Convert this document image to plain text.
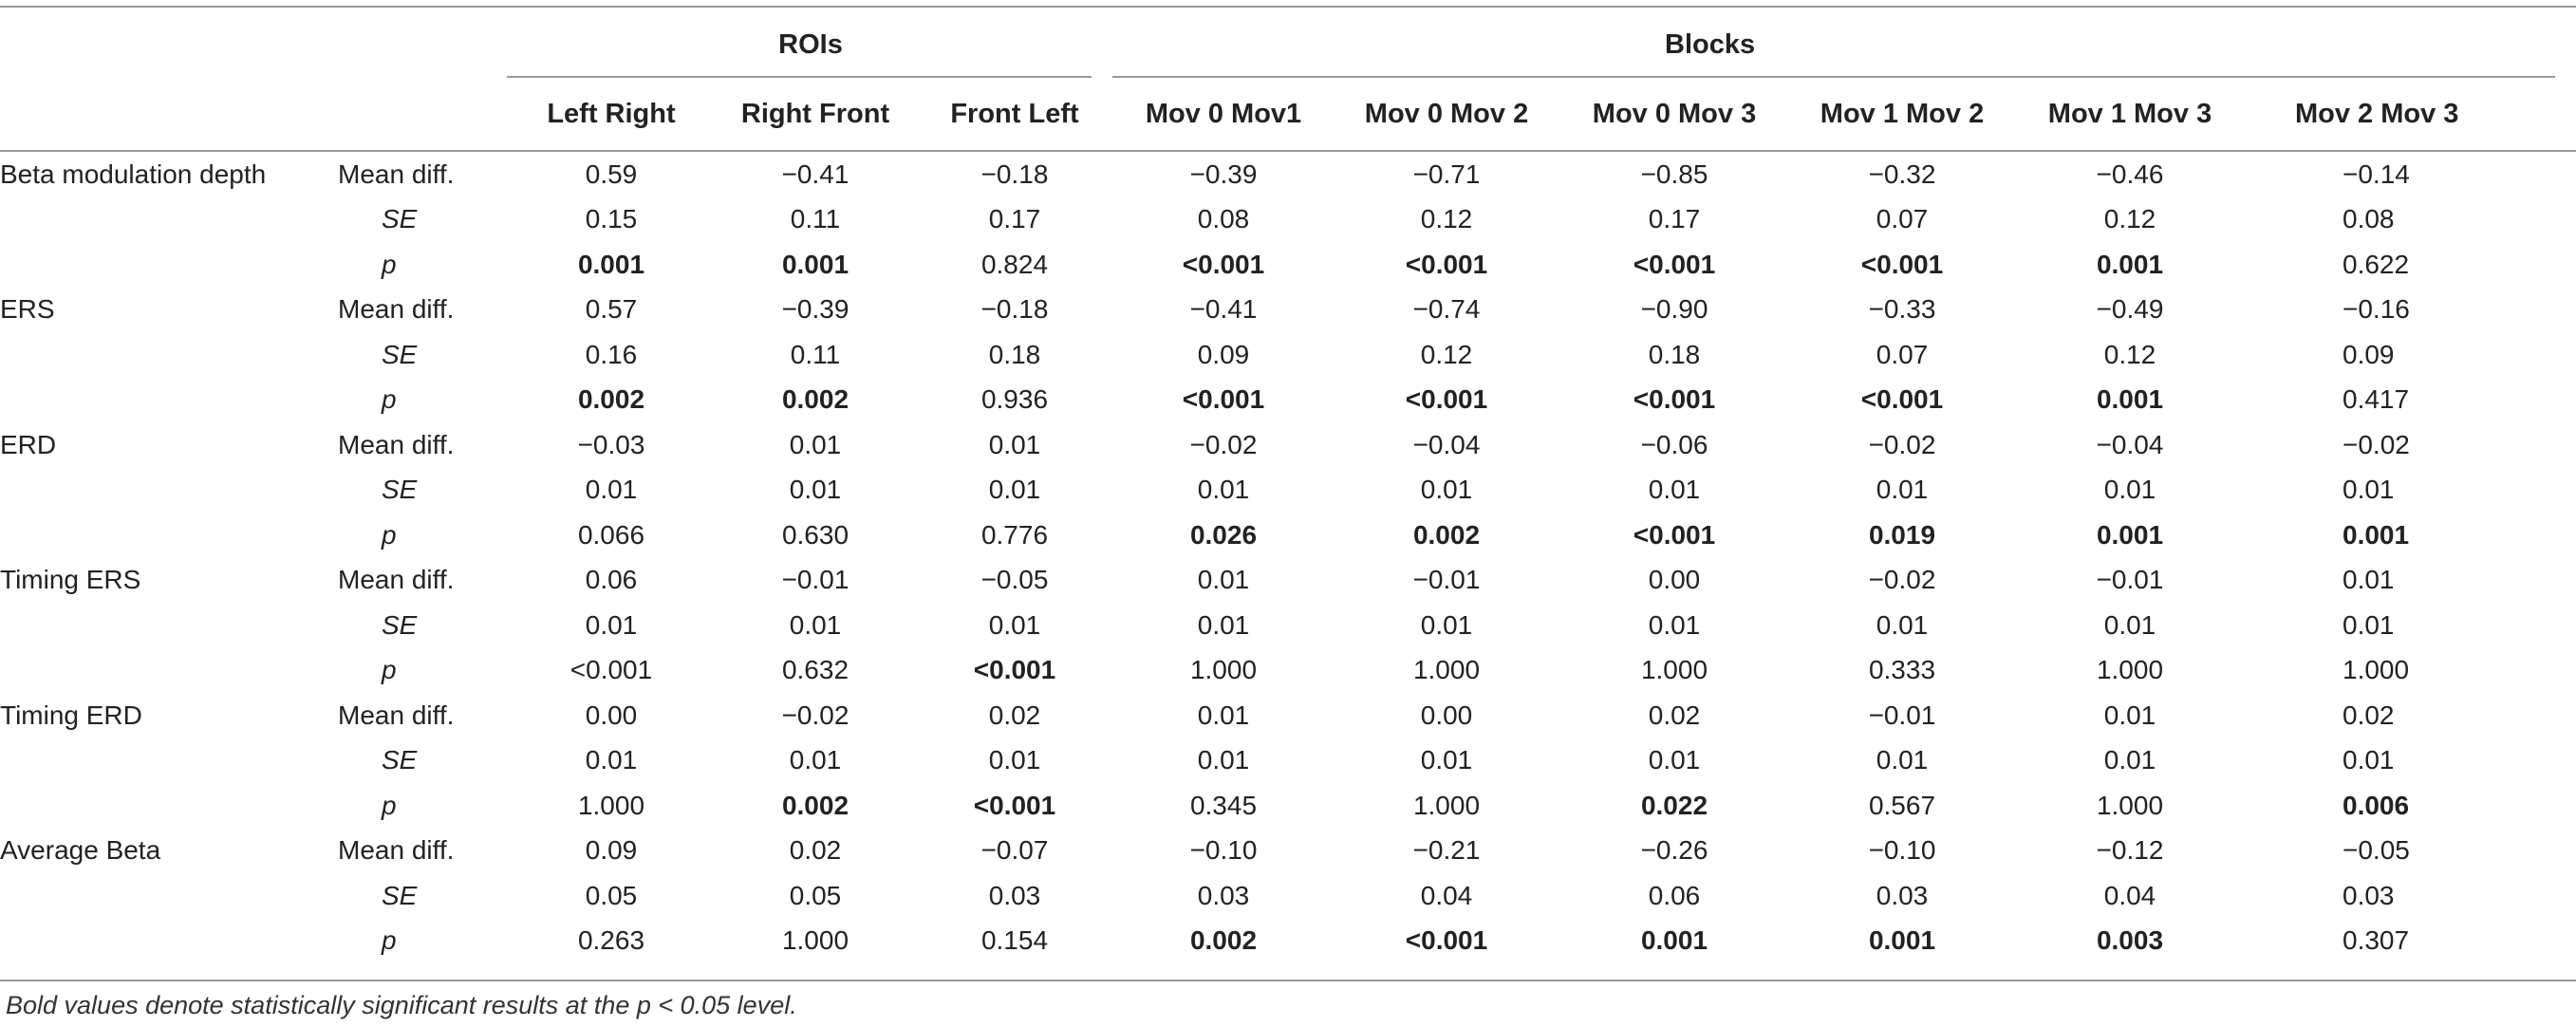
		ROIs			Blocks					
		Left Right	Right Front	Front Left	Mov 0 Mov1	Mov 0 Mov 2	Mov 0 Mov 3	Mov 1 Mov 2	Mov 1 Mov 3	Mov 2 Mov 3
Beta modulation depth	Mean diff.	0.59	−0.41	−0.18	−0.39	−0.71	−0.85	−0.32	−0.46	−0.14
	SE	0.15	0.11	0.17	0.08	0.12	0.17	0.07	0.12	0.08
	p	0.001	0.001	0.824	<0.001	<0.001	<0.001	<0.001	0.001	0.622
ERS	Mean diff.	0.57	−0.39	−0.18	−0.41	−0.74	−0.90	−0.33	−0.49	−0.16
	SE	0.16	0.11	0.18	0.09	0.12	0.18	0.07	0.12	0.09
	p	0.002	0.002	0.936	<0.001	<0.001	<0.001	<0.001	0.001	0.417
ERD	Mean diff.	−0.03	0.01	0.01	−0.02	−0.04	−0.06	−0.02	−0.04	−0.02
	SE	0.01	0.01	0.01	0.01	0.01	0.01	0.01	0.01	0.01
	p	0.066	0.630	0.776	0.026	0.002	<0.001	0.019	0.001	0.001
Timing ERS	Mean diff.	0.06	−0.01	−0.05	0.01	−0.01	0.00	−0.02	−0.01	0.01
	SE	0.01	0.01	0.01	0.01	0.01	0.01	0.01	0.01	0.01
	p	<0.001	0.632	<0.001	1.000	1.000	1.000	0.333	1.000	1.000
Timing ERD	Mean diff.	0.00	−0.02	0.02	0.01	0.00	0.02	−0.01	0.01	0.02
	SE	0.01	0.01	0.01	0.01	0.01	0.01	0.01	0.01	0.01
	p	1.000	0.002	<0.001	0.345	1.000	0.022	0.567	1.000	0.006
Average Beta	Mean diff.	0.09	0.02	−0.07	−0.10	−0.21	−0.26	−0.10	−0.12	−0.05
	SE	0.05	0.05	0.03	0.03	0.04	0.06	0.03	0.04	0.03
	p	0.263	1.000	0.154	0.002	<0.001	0.001	0.001	0.003	0.307
Bold values denote statistically significant results at the p < 0.05 level.
